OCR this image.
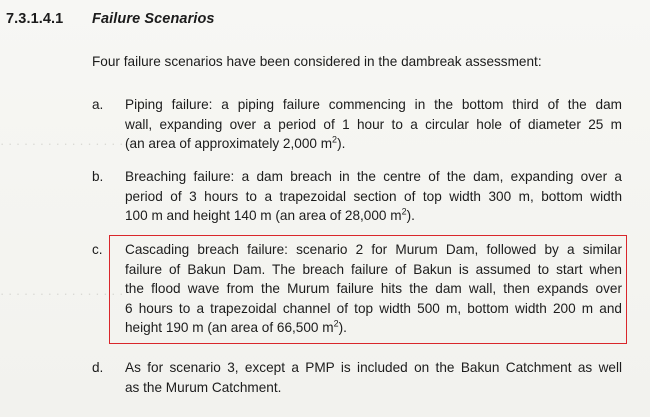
· · · · · · · · · · · · · · · · · ·
· · · · · · · · · · · · · · · ·
7.3.1.4.1 Failure Scenarios
Four failure scenarios have been considered in the dambreak assessment:
a.	Piping failure: a piping failure commencing in the bottom third of the dam
wall, expanding over a period of 1 hour to a circular hole of diameter 25 m
(an area of approximately 2,000 $m^2$).
b.	Breaching failure: a dam breach in the centre of the dam, expanding over a
period of 3 hours to a trapezoidal section of top width 300 m, bottom width
100 m and height 140 m (an area of 28,000 $m^2$).
c.	Cascading breach failure: scenario 2 for Murum Dam, followed by a similar
failure of Bakun Dam. The breach failure of Bakun is assumed to start when
the flood wave from the Murum failure hits the dam wall, then expands over
6 hours to a trapezoidal channel of top width 500 m, bottom width 200 m and
height 190 m (an area of 66,500 $m^2$).
d.	As for scenario 3, except a PMP is included on the Bakun Catchment as well
as the Murum Catchment.
